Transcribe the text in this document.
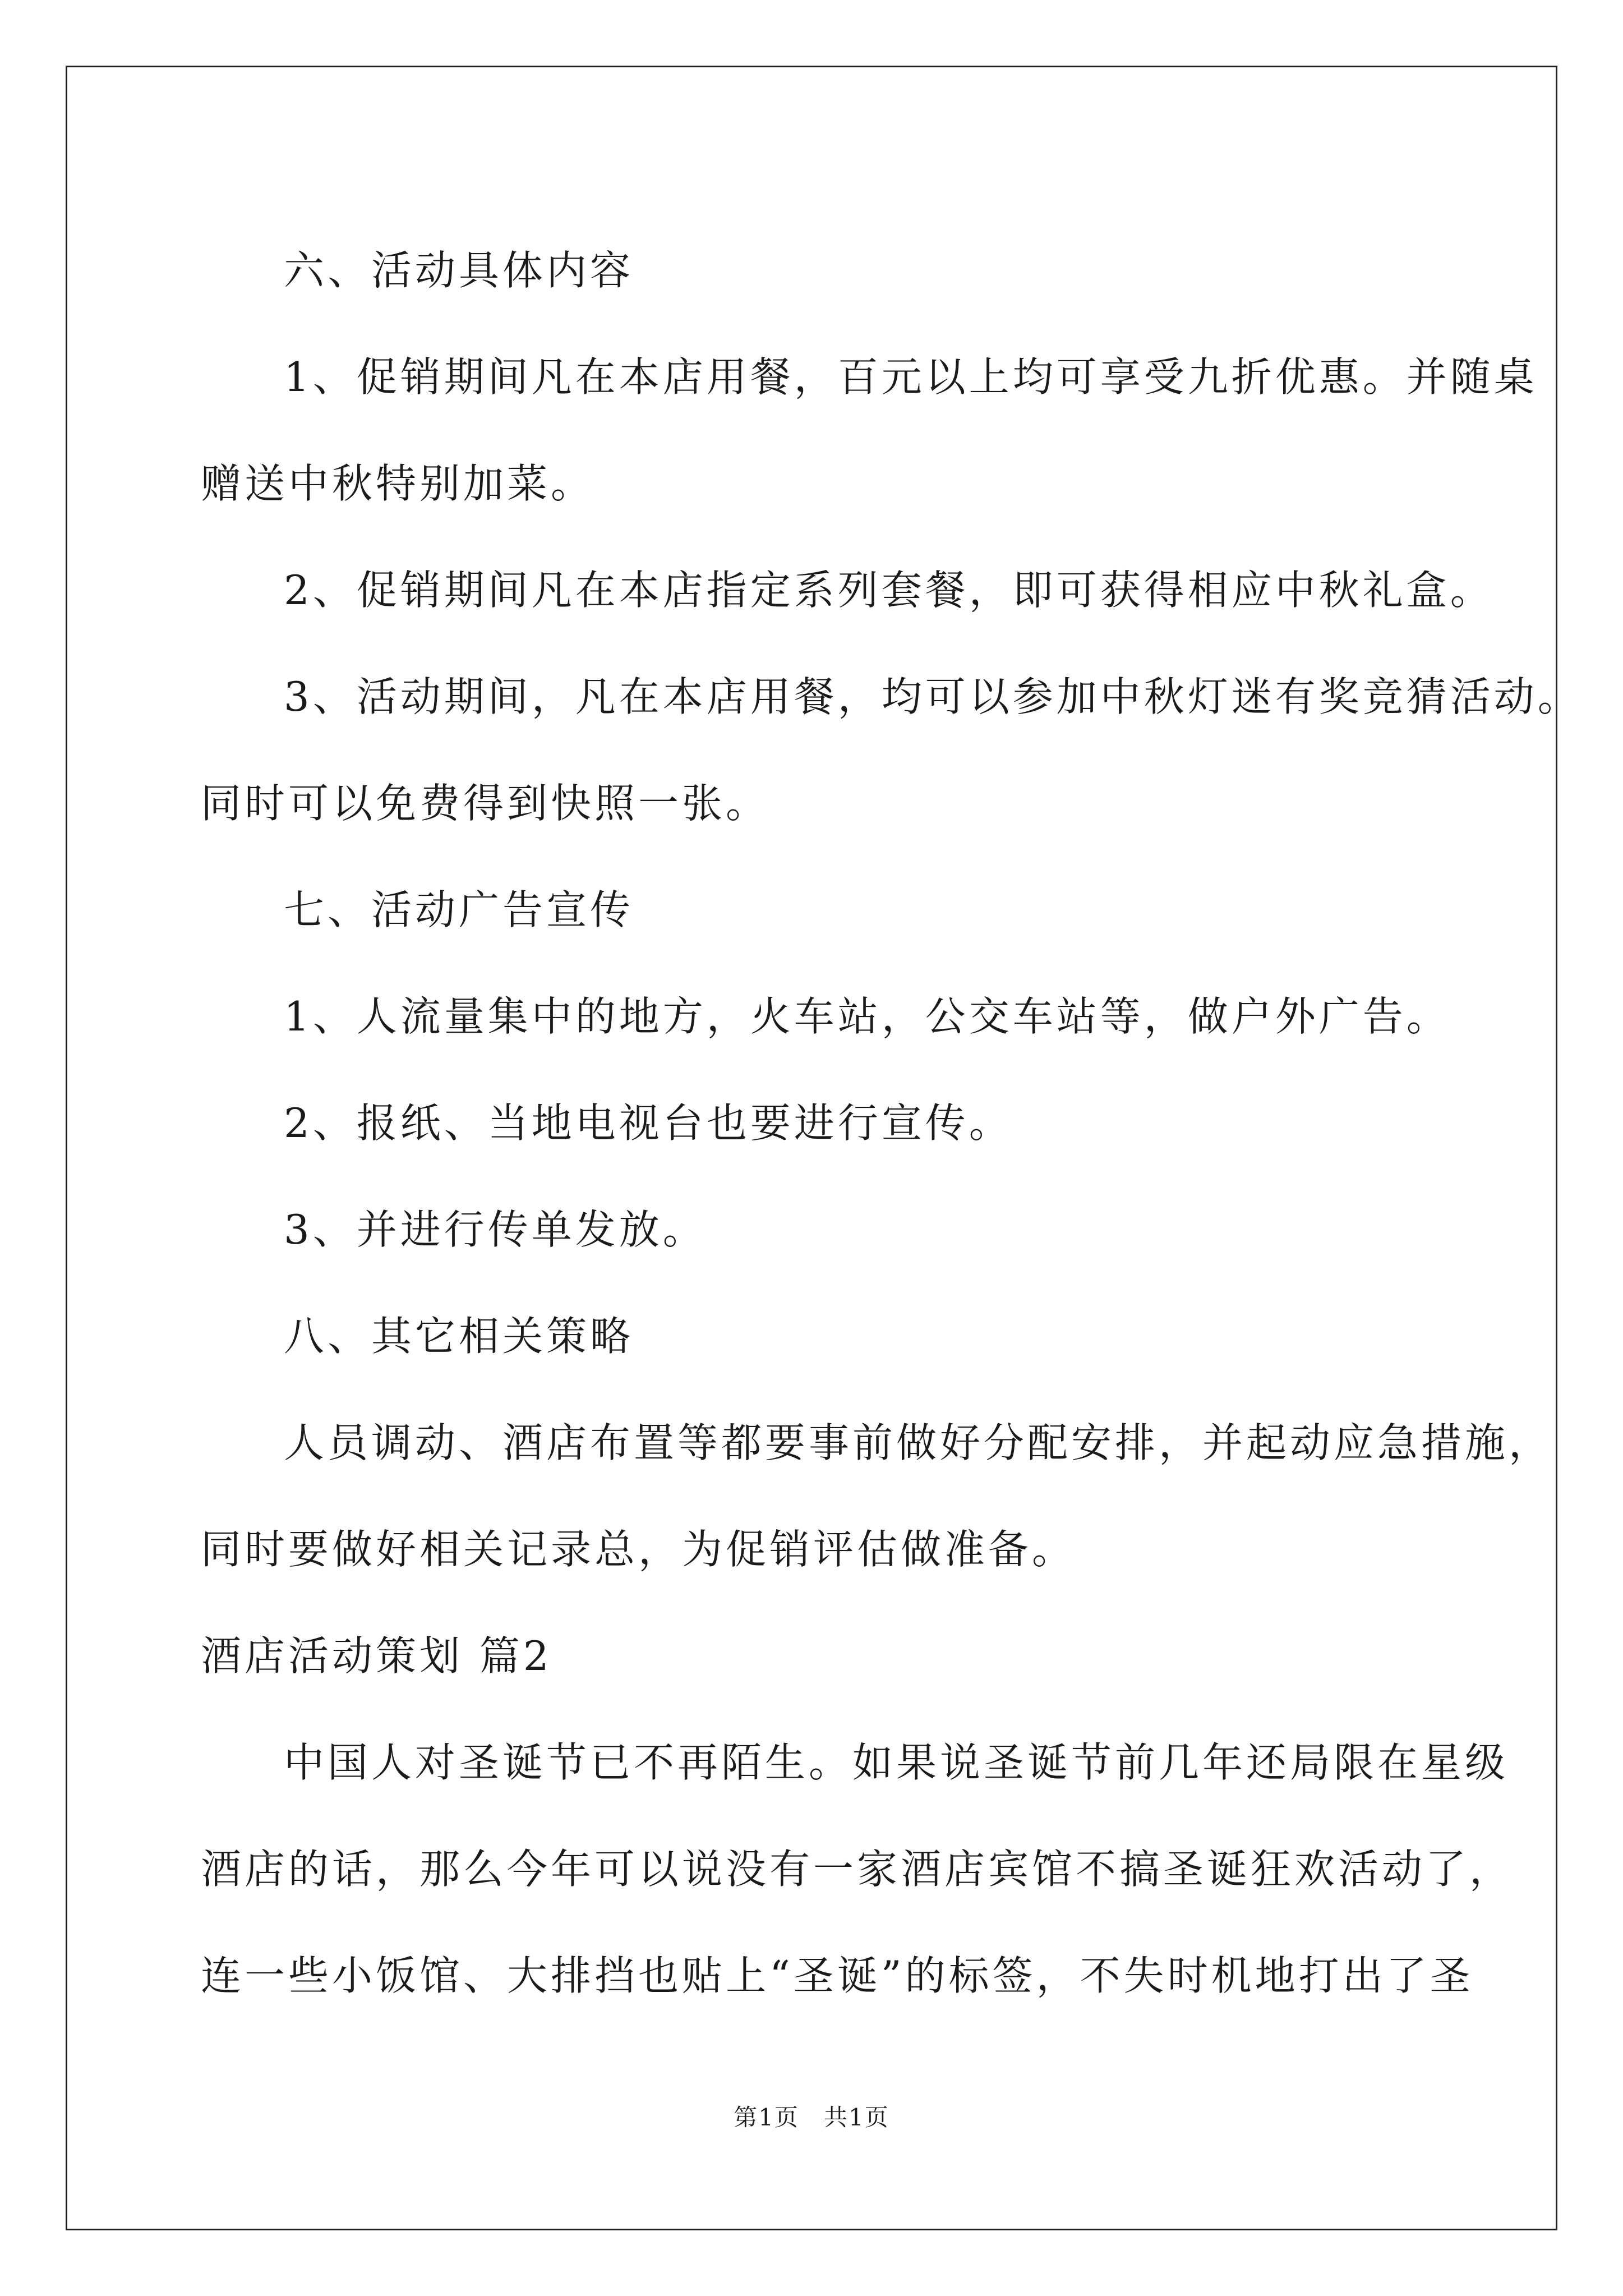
六、活动具体内容

1、促销期间凡在本店用餐，百元以上均可享受九折优惠。并随桌

赠送中秋特别加菜。

2、促销期间凡在本店指定系列套餐，即可获得相应中秋礼盒。

3、活动期间，凡在本店用餐，均可以参加中秋灯迷有奖竞猜活动。

同时可以免费得到快照一张。

七、活动广告宣传

1、人流量集中的地方，火车站，公交车站等，做户外广告。

2、报纸、当地电视台也要进行宣传。

3、并进行传单发放。

八、其它相关策略

人员调动、酒店布置等都要事前做好分配安排，并起动应急措施，

同时要做好相关记录总，为促销评估做准备。

酒店活动策划 篇2

中国人对圣诞节已不再陌生。如果说圣诞节前几年还局限在星级

酒店的话，那么今年可以说没有一家酒店宾馆不搞圣诞狂欢活动了，

连一些小饭馆、大排挡也贴上“圣诞”的标签，不失时机地打出了圣

第1页　共1页
